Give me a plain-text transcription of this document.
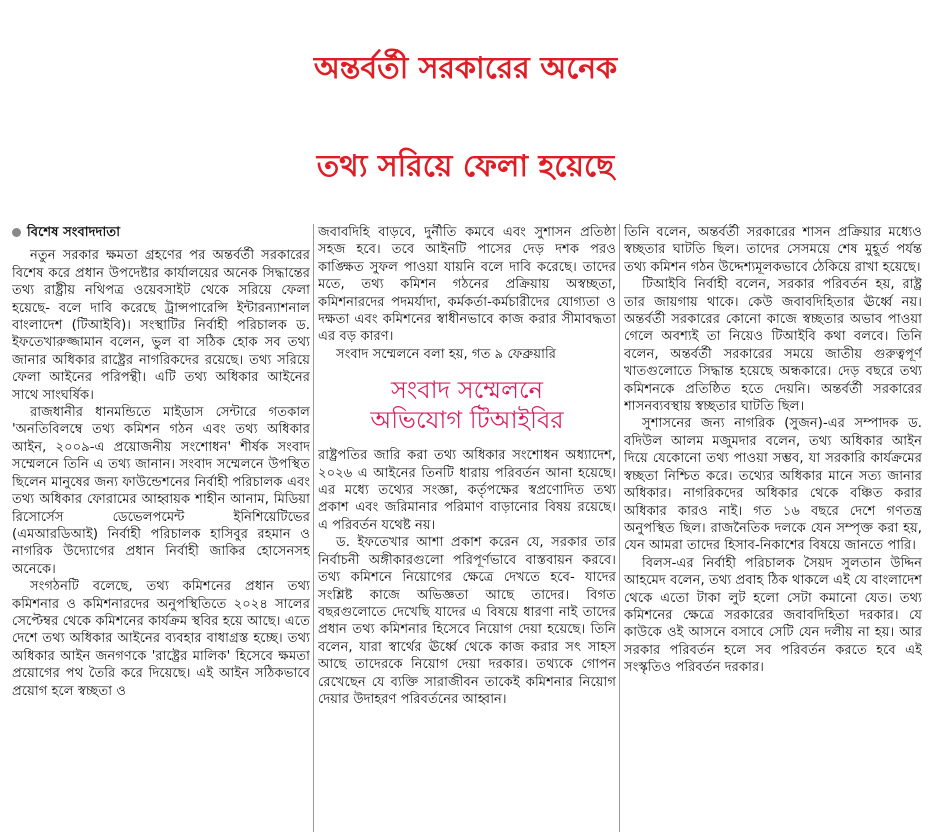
অন্তর্বর্তী সরকারের অনেক
তথ্য সরিয়ে ফেলা হয়েছে

বিশেষ সংবাদদাতা

নতুন সরকার ক্ষমতা গ্রহণের পর অন্তর্বর্তী সরকারের বিশেষ করে প্রধান উপদেষ্টার কার্যালয়ের অনেক সিদ্ধান্তের তথ্য রাষ্ট্রীয় নথিপত্র ওয়েবসাইট থেকে সরিয়ে ফেলা হয়েছে- বলে দাবি করেছে ট্রান্সপারেন্সি ইন্টারন্যাশনাল বাংলাদেশ (টিআইবি)। সংস্থাটির নির্বাহী পরিচালক ড. ইফতেখারুজ্জামান বলেন, ভুল বা সঠিক হোক সব তথ্য জানার অধিকার রাষ্ট্রের নাগরিকদের রয়েছে। তথ্য সরিয়ে ফেলা আইনের পরিপন্থী। এটি তথ্য অধিকার আইনের সাথে সাংঘর্ষিক।

রাজধানীর ধানমন্ডিতে মাইডাস সেন্টারে গতকাল 'অনতিবিলম্বে তথ্য কমিশন গঠন এবং তথ্য অধিকার আইন, ২০০৯-এ প্রয়োজনীয় সংশোধন' শীর্ষক সংবাদ সম্মেলনে তিনি এ তথ্য জানান। সংবাদ সম্মেলনে উপস্থিত ছিলেন মানুষের জন্য ফাউন্ডেশনের নির্বাহী পরিচালক এবং তথ্য অধিকার ফোরামের আহ্বায়ক শাহীন আনাম, মিডিয়া রিসোর্সেস ডেভেলপমেন্ট ইনিশিয়েটিভের (এমআরডিআই) নির্বাহী পরিচালক হাসিবুর রহমান ও নাগরিক উদ্যোগের প্রধান নির্বাহী জাকির হোসেনসহ অনেকে।

সংগঠনটি বলেছে, তথ্য কমিশনের প্রধান তথ্য কমিশনার ও কমিশনারদের অনুপস্থিতিতে ২০২৪ সালের সেপ্টেম্বর থেকে কমিশনের কার্যক্রম স্থবির হয়ে আছে। এতে দেশে তথ্য অধিকার আইনের ব্যবহার বাধাগ্রস্ত হচ্ছে। তথ্য অধিকার আইন জনগণকে 'রাষ্ট্রের মালিক' হিসেবে ক্ষমতা প্রয়োগের পথ তৈরি করে দিয়েছে। এই আইন সঠিকভাবে প্রয়োগ হলে স্বচ্ছতা ও

জবাবদিহি বাড়বে, দুর্নীতি কমবে এবং সুশাসন প্রতিষ্ঠা সহজ হবে। তবে আইনটি পাসের দেড় দশক পরও কাঙ্ক্ষিত সুফল পাওয়া যায়নি বলে দাবি করেছে। তাদের মতে, তথ্য কমিশন গঠনের প্রক্রিয়ায় অস্বচ্ছতা, কমিশনারদের পদমর্যাদা, কর্মকর্তা-কর্মচারীদের যোগ্যতা ও দক্ষতা এবং কমিশনের স্বাধীনভাবে কাজ করার সীমাবদ্ধতা এর বড় কারণ।

সংবাদ সম্মেলনে বলা হয়, গত ৯ ফেব্রুয়ারি

সংবাদ সম্মেলনে
অভিযোগ টিআইবির

রাষ্ট্রপতির জারি করা তথ্য অধিকার সংশোধন অধ্যাদেশ, ২০২৬ এ আইনের তিনটি ধারায় পরিবর্তন আনা হয়েছে। এর মধ্যে তথ্যের সংজ্ঞা, কর্তৃপক্ষের স্বপ্রণোদিত তথ্য প্রকাশ এবং জরিমানার পরিমাণ বাড়ানোর বিষয় রয়েছে। এ পরিবর্তন যথেষ্ট নয়।

ড. ইফতেখার আশা প্রকাশ করেন যে, সরকার তার নির্বাচনী অঙ্গীকারগুলো পরিপূর্ণভাবে বাস্তবায়ন করবে। তথ্য কমিশনে নিয়োগের ক্ষেত্রে দেখতে হবে- যাদের সংশ্লিষ্ট কাজে অভিজ্ঞতা আছে তাদের। বিগত বছরগুলোতে দেখেছি যাদের এ বিষয়ে ধারণা নাই তাদের প্রধান তথ্য কমিশনার হিসেবে নিয়োগ দেয়া হয়েছে। তিনি বলেন, যারা স্বার্থের ঊর্ধ্বে থেকে কাজ করার সৎ সাহস আছে তাদেরকে নিয়োগ দেয়া দরকার। তথ্যকে গোপন রেখেছেন যে ব্যক্তি সারাজীবন তাকেই কমিশনার নিয়োগ দেয়ার উদাহরণ পরিবর্তনের আহ্বান।

তিনি বলেন, অন্তর্বর্তী সরকারের শাসন প্রক্রিয়ার মধ্যেও স্বচ্ছতার ঘাটতি ছিল। তাদের সেসময়ে শেষ মুহূর্ত পর্যন্ত তথ্য কমিশন গঠন উদ্দেশ্যমূলকভাবে ঠেকিয়ে রাখা হয়েছে।

টিআইবি নির্বাহী বলেন, সরকার পরিবর্তন হয়, রাষ্ট্র তার জায়গায় থাকে। কেউ জবাবদিহিতার ঊর্ধ্বে নয়। অন্তর্বর্তী সরকারের কোনো কাজে স্বচ্ছতার অভাব পাওয়া গেলে অবশ্যই তা নিয়েও টিআইবি কথা বলবে। তিনি বলেন, অন্তর্বর্তী সরকারের সময়ে জাতীয় গুরুত্বপূর্ণ খাতগুলোতে সিদ্ধান্ত হয়েছে অন্ধকারে। দেড় বছরে তথ্য কমিশনকে প্রতিষ্ঠিত হতে দেয়নি। অন্তর্বর্তী সরকারের শাসনব্যবস্থায় স্বচ্ছতার ঘাটতি ছিল।

সুশাসনের জন্য নাগরিক (সুজন)-এর সম্পাদক ড. বদিউল আলম মজুমদার বলেন, তথ্য অধিকার আইন দিয়ে যেকোনো তথ্য পাওয়া সম্ভব, যা সরকারি কার্যক্রমের স্বচ্ছতা নিশ্চিত করে। তথ্যের অধিকার মানে সত্য জানার অধিকার। নাগরিকদের অধিকার থেকে বঞ্চিত করার অধিকার কারও নাই। গত ১৬ বছরে দেশে গণতন্ত্র অনুপস্থিত ছিল। রাজনৈতিক দলকে যেন সম্পৃক্ত করা হয়, যেন আমরা তাদের হিসাব-নিকাশের বিষয়ে জানতে পারি।

বিলস-এর নির্বাহী পরিচালক সৈয়দ সুলতান উদ্দিন আহমেদ বলেন, তথ্য প্রবাহ ঠিক থাকলে এই যে বাংলাদেশ থেকে এতো টাকা লুট হলো সেটা কমানো যেত। তথ্য কমিশনের ক্ষেত্রে সরকারের জবাবদিহিতা দরকার। যে কাউকে ওই আসনে বসাবে সেটি যেন দলীয় না হয়। আর সরকার পরিবর্তন হলে সব পরিবর্তন করতে হবে এই সংস্কৃতিও পরিবর্তন দরকার।
